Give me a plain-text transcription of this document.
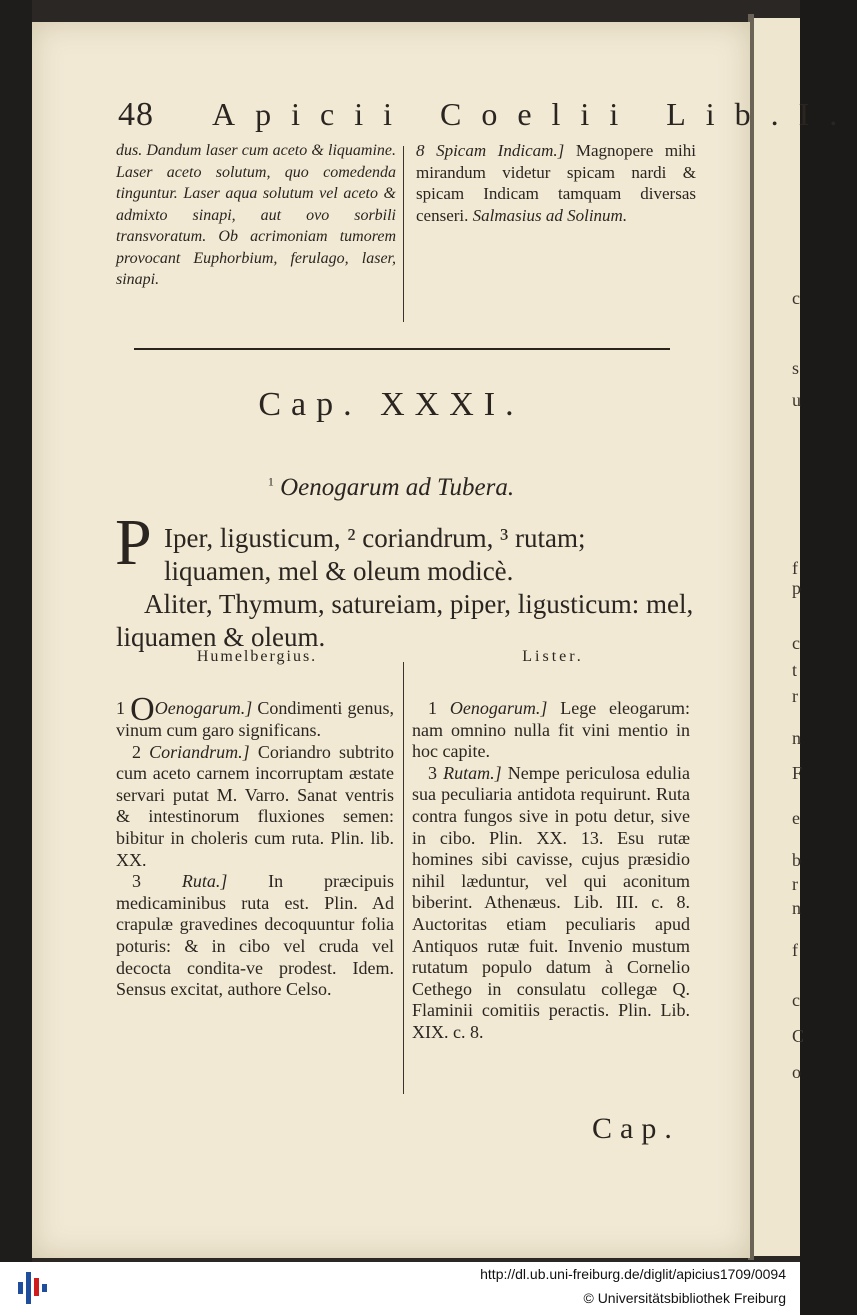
c
s
u
f
p
c
t
r
n
F
e
b
r
n
f
c
C
o
48 Apicii Coelii Lib.I.
dus. Dandum laser cum aceto & liquamine. Laser aceto solutum, quo comedenda tinguntur. Laser aqua solutum vel aceto & admixto sinapi, aut ovo sorbili transvoratum. Ob acrimoniam tumorem provocant Euphorbium, ferulago, laser, sinapi.
8 Spicam Indicam.] Magnopere mihi mirandum videtur spicam nardi & spicam Indicam tamquam diversas censeri. Salmasius ad Solinum.
Cap. XXXI.
$^1$ Oenogarum ad Tubera.
P Iper, ligusticum, ² coriandrum, ³ rutam; liquamen, mel & oleum modicè.
Aliter, Thymum, satureiam, piper, ligusticum: mel, liquamen & oleum.
Humelbergius.	Lister.

1 OOenogarum.] Condimenti genus, vinum cum garo significans.

2 Coriandrum.] Coriandro subtrito cum aceto carnem incorruptam æstate servari putat M. Varro. Sanat ventris & intestinorum fluxiones semen: bibitur in choleris cum ruta. Plin. lib. XX.

3 Ruta.] In præcipuis medicaminibus ruta est. Plin. Ad crapulæ gravedines decoquuntur folia poturis: & in cibo vel cruda vel decocta condita-ve prodest. Idem. Sensus excitat, authore Celso.

1 Oenogarum.] Lege eleogarum: nam omnino nulla fit vini mentio in hoc capite.

3 Rutam.] Nempe periculosa edulia sua peculiaria antidota requirunt. Ruta contra fungos sive in potu detur, sive in cibo. Plin. XX. 13. Esu rutæ homines sibi cavisse, cujus præsidio nihil læduntur, vel qui aconitum biberint. Athenæus. Lib. III. c. 8. Auctoritas etiam peculiaris apud Antiquos rutæ fuit. Invenio mustum rutatum populo datum à Cornelio Cethego in consulatu collegæ Q. Flaminii comitiis peractis. Plin. Lib. XIX. c. 8.

Cap.
http://dl.ub.uni-freiburg.de/diglit/apicius1709/0094
© Universitätsbibliothek Freiburg
